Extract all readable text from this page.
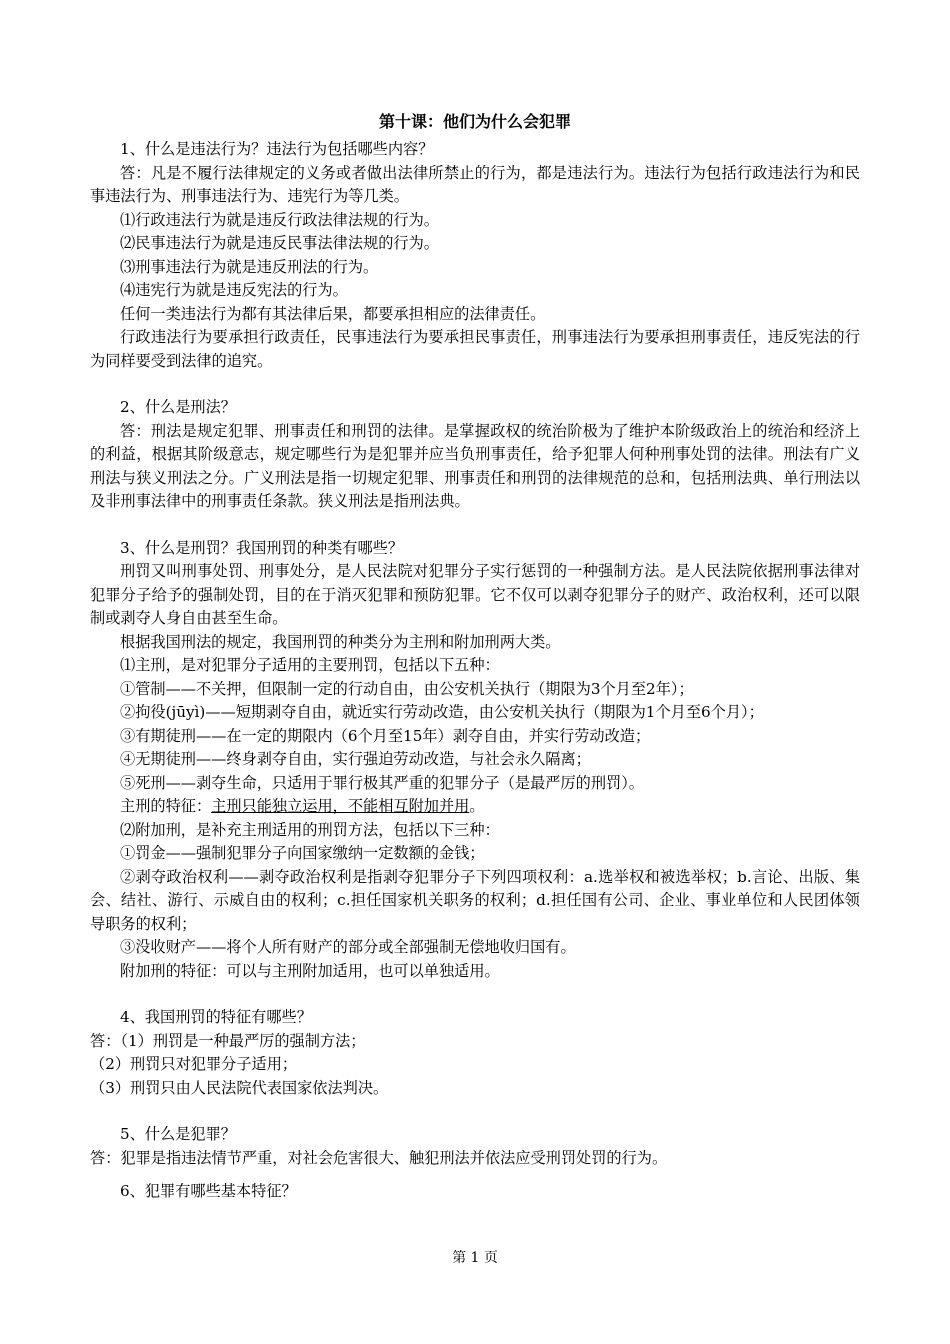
第十课：他们为什么会犯罪

1、什么是违法行为？违法行为包括哪些内容？

答：凡是不履行法律规定的义务或者做出法律所禁止的行为，都是违法行为。违法行为包括行政违法行为和民事违法行为、刑事违法行为、违宪行为等几类。

⑴行政违法行为就是违反行政法律法规的行为。

⑵民事违法行为就是违反民事法律法规的行为。

⑶刑事违法行为就是违反刑法的行为。

⑷违宪行为就是违反宪法的行为。

任何一类违法行为都有其法律后果，都要承担相应的法律责任。

行政违法行为要承担行政责任，民事违法行为要承担民事责任，刑事违法行为要承担刑事责任，违反宪法的行为同样要受到法律的追究。

2、什么是刑法？

答：刑法是规定犯罪、刑事责任和刑罚的法律。是掌握政权的统治阶极为了维护本阶级政治上的统治和经济上的利益，根据其阶级意志，规定哪些行为是犯罪并应当负刑事责任，给予犯罪人何种刑事处罚的法律。刑法有广义刑法与狭义刑法之分。广义刑法是指一切规定犯罪、刑事责任和刑罚的法律规范的总和，包括刑法典、单行刑法以及非刑事法律中的刑事责任条款。狭义刑法是指刑法典。

3、什么是刑罚？我国刑罚的种类有哪些？

刑罚又叫刑事处罚、刑事处分，是人民法院对犯罪分子实行惩罚的一种强制方法。是人民法院依据刑事法律对犯罪分子给予的强制处罚，目的在于消灭犯罪和预防犯罪。它不仅可以剥夺犯罪分子的财产、政治权利，还可以限制或剥夺人身自由甚至生命。

根据我国刑法的规定，我国刑罚的种类分为主刑和附加刑两大类。

⑴主刑，是对犯罪分子适用的主要刑罚，包括以下五种：

①管制——不关押，但限制一定的行动自由，由公安机关执行（期限为3个月至2年）；

②拘役(jūyì)——短期剥夺自由，就近实行劳动改造，由公安机关执行（期限为1个月至6个月）；

③有期徒刑——在一定的期限内（6个月至15年）剥夺自由，并实行劳动改造；

④无期徒刑——终身剥夺自由，实行强迫劳动改造，与社会永久隔离；

⑤死刑——剥夺生命，只适用于罪行极其严重的犯罪分子（是最严厉的刑罚）。

主刑的特征：主刑只能独立运用，不能相互附加并用。

⑵附加刑，是补充主刑适用的刑罚方法，包括以下三种：

①罚金——强制犯罪分子向国家缴纳一定数额的金钱；

②剥夺政治权利——剥夺政治权利是指剥夺犯罪分子下列四项权利：a.选举权和被选举权；b.言论、出版、集会、结社、游行、示威自由的权利；c.担任国家机关职务的权利；d.担任国有公司、企业、事业单位和人民团体领导职务的权利；

③没收财产——将个人所有财产的部分或全部强制无偿地收归国有。

附加刑的特征：可以与主刑附加适用，也可以单独适用。

4、我国刑罚的特征有哪些？

答：（1）刑罚是一种最严厉的强制方法；

（2）刑罚只对犯罪分子适用；

（3）刑罚只由人民法院代表国家依法判决。

5、什么是犯罪？

答：犯罪是指违法情节严重，对社会危害很大、触犯刑法并依法应受刑罚处罚的行为。

6、犯罪有哪些基本特征？

第 1 页
